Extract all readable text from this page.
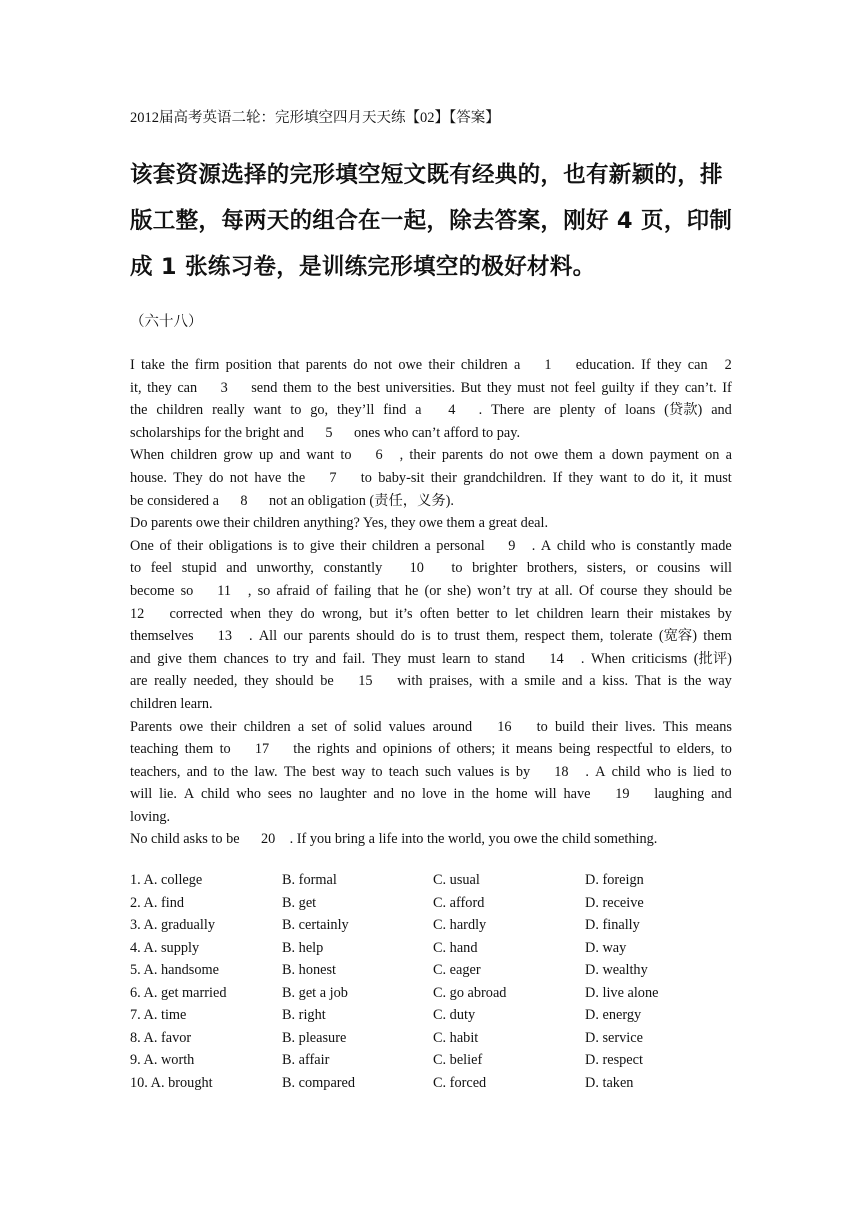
2012届高考英语二轮：完形填空四月天天练【02】【答案】
该套资源选择的完形填空短文既有经典的，也有新颖的，排
版工整，每两天的组合在一起，除去答案，刚好 4 页，印制
成 1 张练习卷，是训练完形填空的极好材料。
（六十八）
I take the firm position that parents do not owe their children a 1 education. If they can 2
it, they can 3 send them to the best universities. But they must not feel guilty if they can’t. If
the children really want to go, they’ll find a 4 . There are plenty of loans (贷款) and
scholarships for the bright and      5      ones who can’t afford to pay.
When children grow up and want to 6 , their parents do not owe them a down payment on a
house. They do not have the 7 to baby-sit their grandchildren. If they want to do it, it must
be considered a      8      not an obligation (责任，义务).
Do parents owe their children anything? Yes, they owe them a great deal.
One of their obligations is to give their children a personal 9 . A child who is constantly made
to feel stupid and unworthy, constantly 10 to brighter brothers, sisters, or cousins will
become so 11 , so afraid of failing that he (or she) won’t try at all. Of course they should be
12 corrected when they do wrong, but it’s often better to let children learn their mistakes by
themselves 13 . All our parents should do is to trust them, respect them, tolerate (宽容) them
and give them chances to try and fail. They must learn to stand 14 . When criticisms (批评)
are really needed, they should be 15 with praises, with a smile and a kiss. That is the way
children learn.
Parents owe their children a set of solid values around 16 to build their lives. This means
teaching them to 17 the rights and opinions of others; it means being respectful to elders, to
teachers, and to the law. The best way to teach such values is by 18 . A child who is lied to
will lie. A child who sees no laughter and no love in the home will have 19 laughing and
loving.
No child asks to be      20    . If you bring a life into the world, you owe the child something.
1. A. college	B. formal	C. usual	D. foreign
2. A. find	B. get	C. afford	D. receive
3. A. gradually	B. certainly	C. hardly	D. finally
4. A. supply	B. help	C. hand	D. way
5. A. handsome	B. honest	C. eager	D. wealthy
6. A. get married	B. get a job	C. go abroad	D. live alone
7. A. time	B. right	C. duty	D. energy
8. A. favor	B. pleasure	C. habit	D. service
9. A. worth	B. affair	C. belief	D. respect
10. A. brought	B. compared	C. forced	D. taken
